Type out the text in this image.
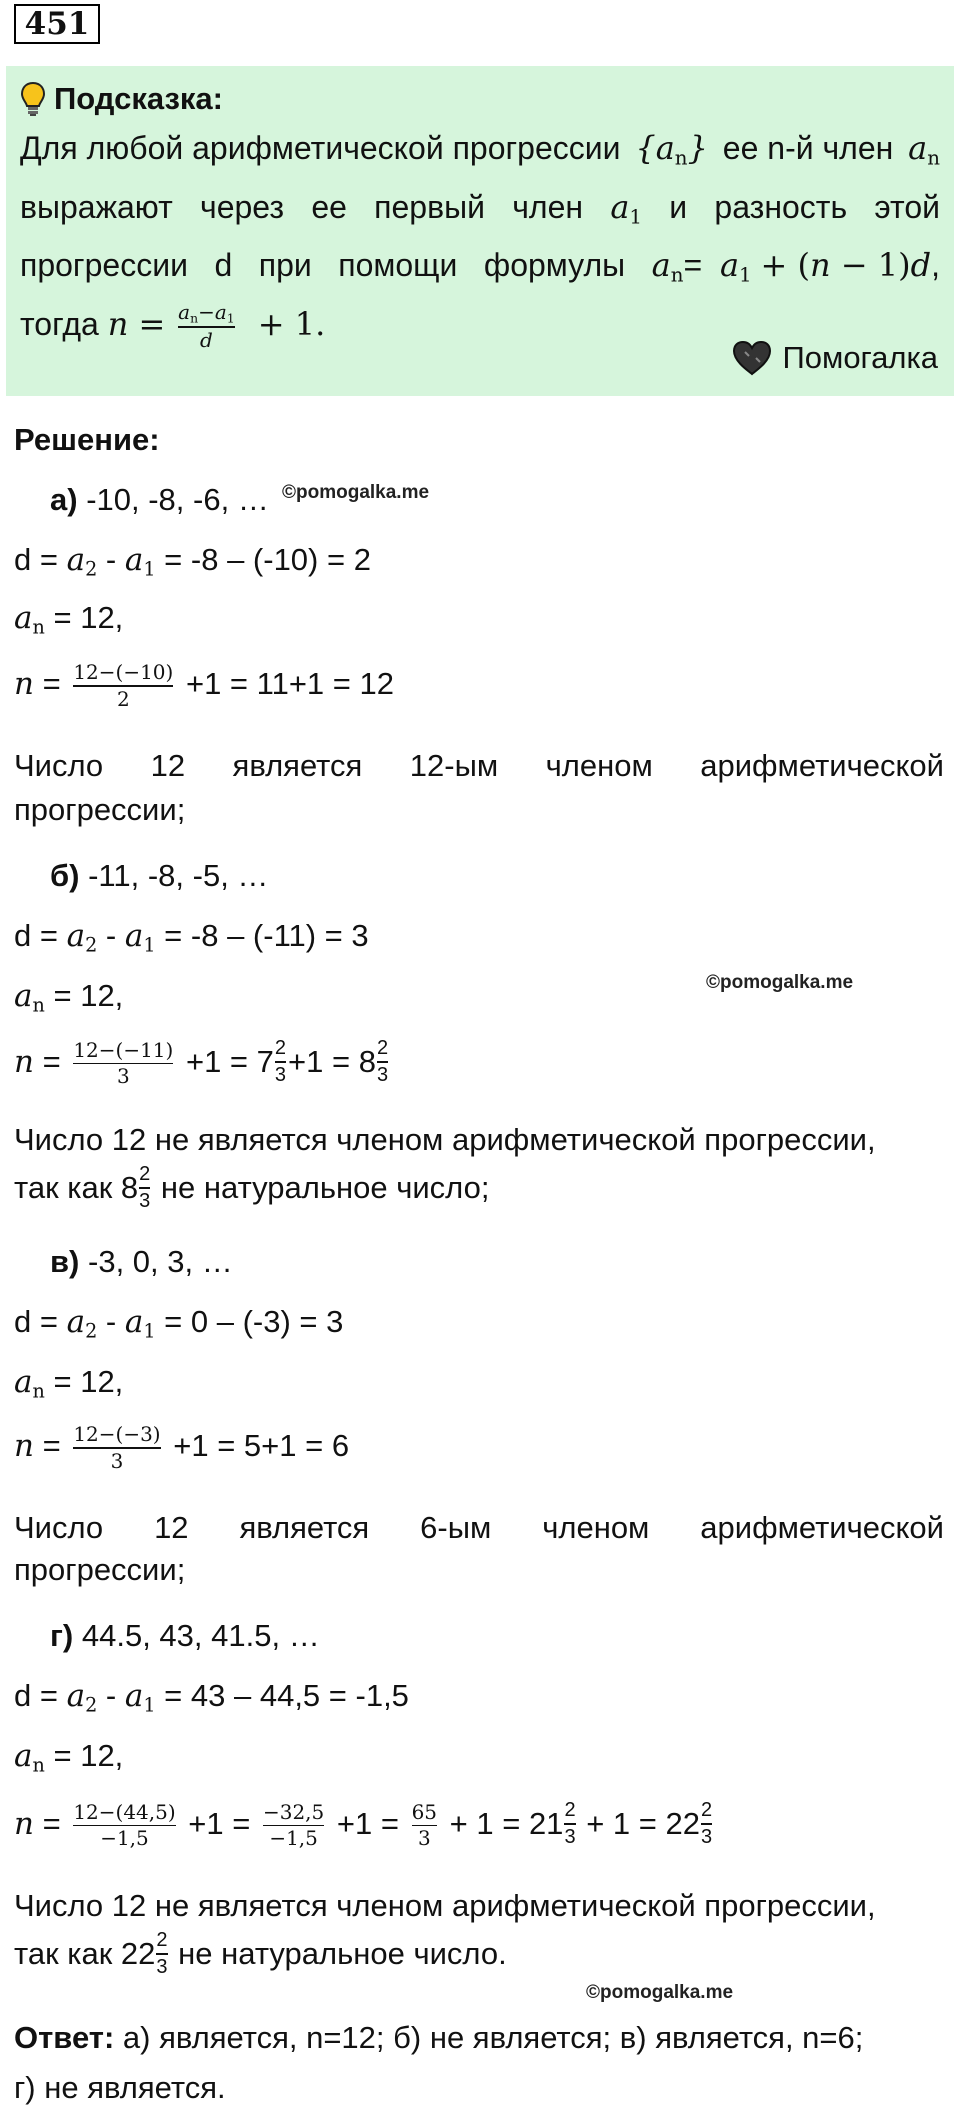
451
Подсказка:
Для любой арифметической прогрессии $\{a_n\}$ ее n-й член $a_n$
выражают через ее первый член $a_1$ и разность этой
прогрессии d при помощи формулы $a_n= a_1 + (n - 1)d$,
тогда $n = \frac{a_n-a_1}{d} + 1$.
Помогалка
Решение:
а) -10, -8, -6, … ©pomogalka.me
$d = a_2 - a_1 = -8 - (-10) = 2$
$a_n = 12$,
$n = \frac{12-(-10)}{2} +1 = 11+1 = 12$
Число 12 является 12-ым членом арифметической
прогрессии;
б) -11, -8, -5, …
$d = a_2 - a_1 = -8 - (-11) = 3$
©pomogalka.me
$a_n = 12$,
$n = \frac{12-(-11)}{3}$
$+1 = 7 \frac{2}{3} +1 = 8 \frac{2}{3}$
Число 12 не является членом арифметической прогрессии,
так как $8 \frac{2}{3}$ не натуральное число;
в) -3, 0, 3, …
$d = a_2 - a_1 = 0 - (-3) = 3$
$a_n = 12$,
$n = \frac{12-(-3)}{3} +1 = 5+1 = 6$
Число 12 является 6-ым членом арифметической
прогрессии;
г) 44.5, 43, 41.5, …
$d = a_2 - a_1 = 43 - 44,5 = -1,5$
$a_n = 12$,
$n = \frac{12-(44,5)}{-1,5} +1 = \frac{-32,5}{-1,5} +1 = \frac{65}{3}$
+ $1 = 21 \frac{2}{3}$
+ $1 = 22 \frac{2}{3}$
Число 12 не является членом арифметической прогрессии,
так как $22 \frac{2}{3}$ не натуральное число.
©pomogalka.me
Ответ: а) является, n=12; б) не является; в) является, n=6;
г) не является.
